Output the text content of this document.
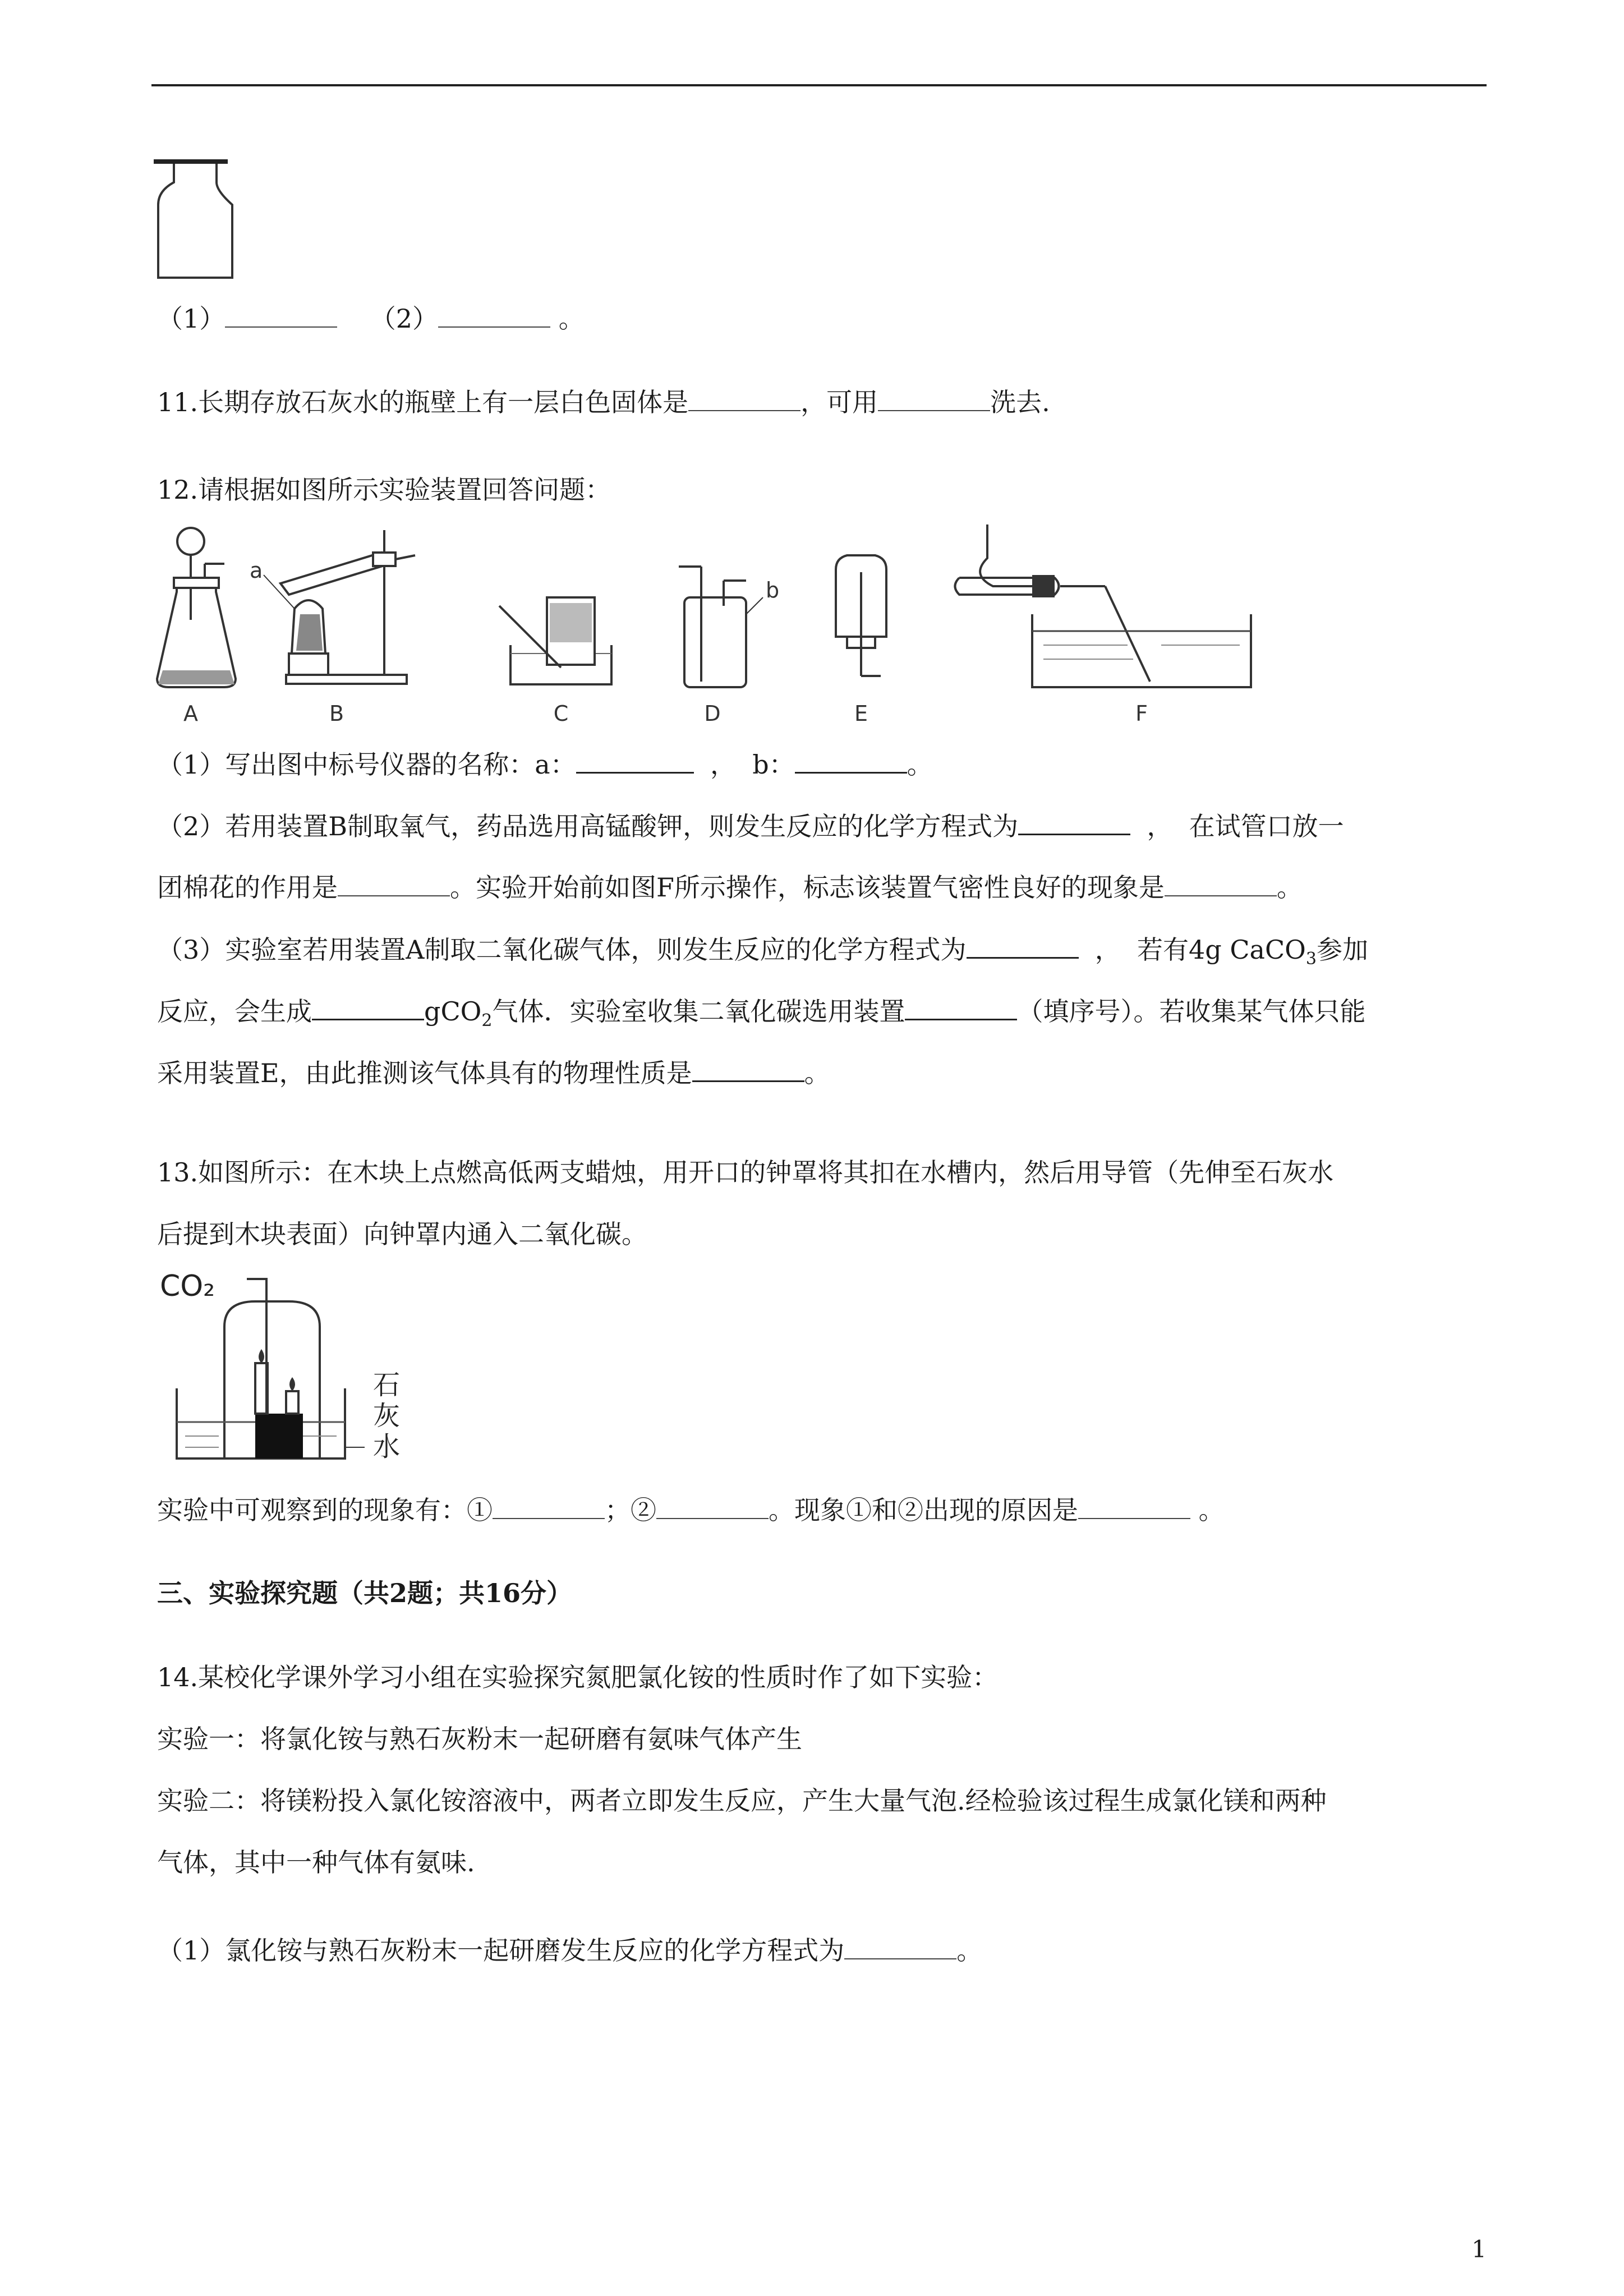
（1）	（2）	。
11.长期存放石灰水的瓶壁上有一层白色固体是	，可用	洗去.
12.请根据如图所示实验装置回答问题：
A
a
B	C
b
D	E	F
（1）写出图中标号仪器的名称：a：	，  b：	。
（2）若用装置B制取氧气，药品选用高锰酸钾，则发生反应的化学方程式为	，  在试管口放一
团棉花的作用是	。实验开始前如图F所示操作，标志该装置气密性良好的现象是	。
（3）实验室若用装置A制取二氧化碳气体，则发生反应的化学方程式为	，  若有4g CaCO$_3$参加
反应，会生成	gCO$_2$气体．实验室收集二氧化碳选用装置	（填序号）。若收集某气体只能
采用装置E，由此推测该气体具有的物理性质是	。
13.如图所示：在木块上点燃高低两支蜡烛，用开口的钟罩将其扣在水槽内，然后用导管（先伸至石灰水
后提到木块表面）向钟罩内通入二氧化碳。
CO₂
石
灰
水
实验中可观察到的现象有：①	；②	。现象①和②出现的原因是	。
三、实验探究题（共2题；共16分）
14.某校化学课外学习小组在实验探究氮肥氯化铵的性质时作了如下实验：
实验一：将氯化铵与熟石灰粉末一起研磨有氨味气体产生
实验二：将镁粉投入氯化铵溶液中，两者立即发生反应，产生大量气泡.经检验该过程生成氯化镁和两种
气体，其中一种气体有氨味.
（1）氯化铵与熟石灰粉末一起研磨发生反应的化学方程式为	。
1
